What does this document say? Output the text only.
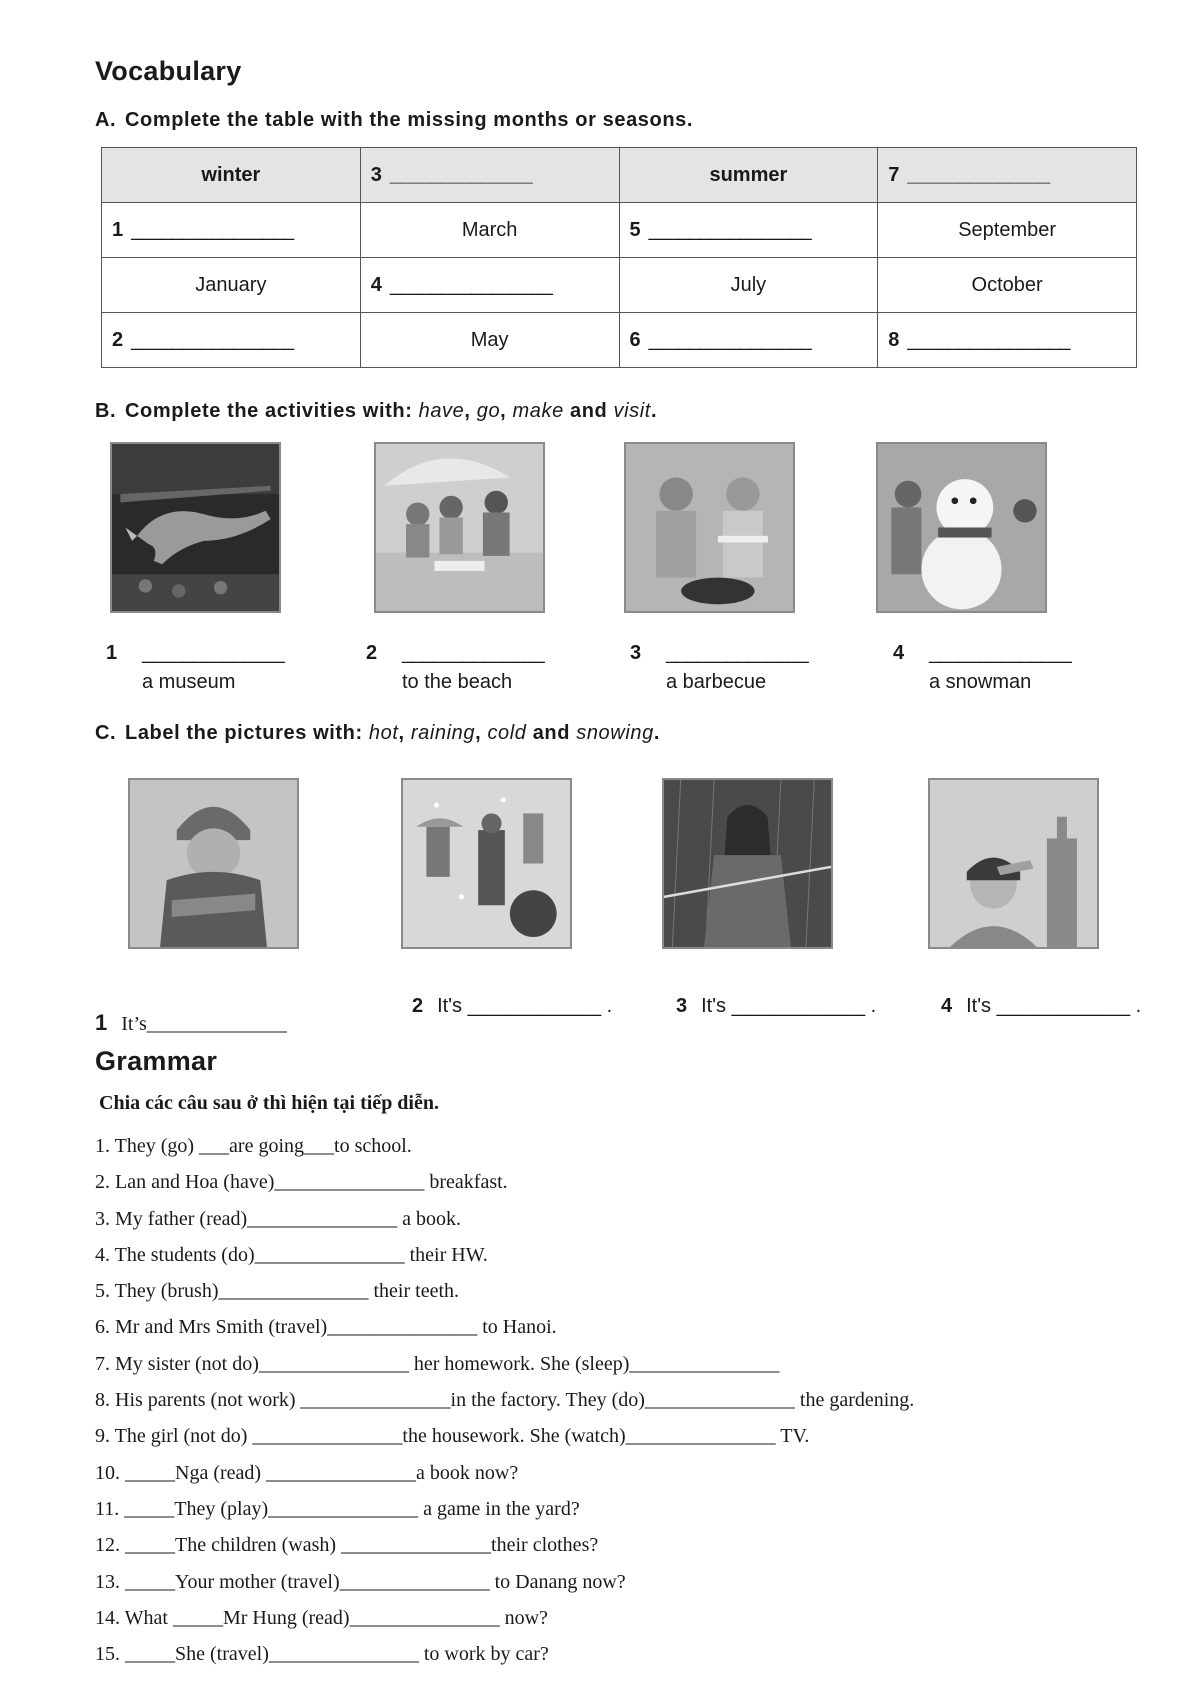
Vocabulary
A. Complete the table with the missing months or seasons.
winter	3 ______________	summer	7 ______________
1 ________________	March	5 ________________	September
January	4 ________________	July	October
2 ________________	May	6 ________________	8 ________________
B. Complete the activities with: have, go, make and visit.
1 ______________
a museum
2 ______________
to the beach
3 ______________
a barbecue
4 ______________
a snowman
C. Label the pictures with: hot, raining, cold and snowing.
1 It’s______________
2 It's ____________ .	3 It's ____________ .	4 It's ____________ .
Grammar
Chia các câu sau ở thì hiện tại tiếp diễn.
1. They (go) ___are going___to school.
2. Lan and Hoa (have)_______________ breakfast.
3. My father (read)_______________ a book.
4. The students (do)_______________ their HW.
5. They (brush)_______________ their teeth.
6. Mr and Mrs Smith (travel)_______________ to Hanoi.
7. My sister (not do)_______________ her homework. She (sleep)_______________
8. His parents (not work) _______________in the factory. They (do)_______________ the gardening.
9. The girl (not do) _______________the housework. She (watch)_______________ TV.
10. _____Nga (read) _______________a book now?
11. _____They (play)_______________ a game in the yard?
12. _____The children (wash) _______________their clothes?
13. _____Your mother (travel)_______________ to Danang now?
14. What _____Mr Hung (read)_______________ now?
15. _____She (travel)_______________ to work by car?
